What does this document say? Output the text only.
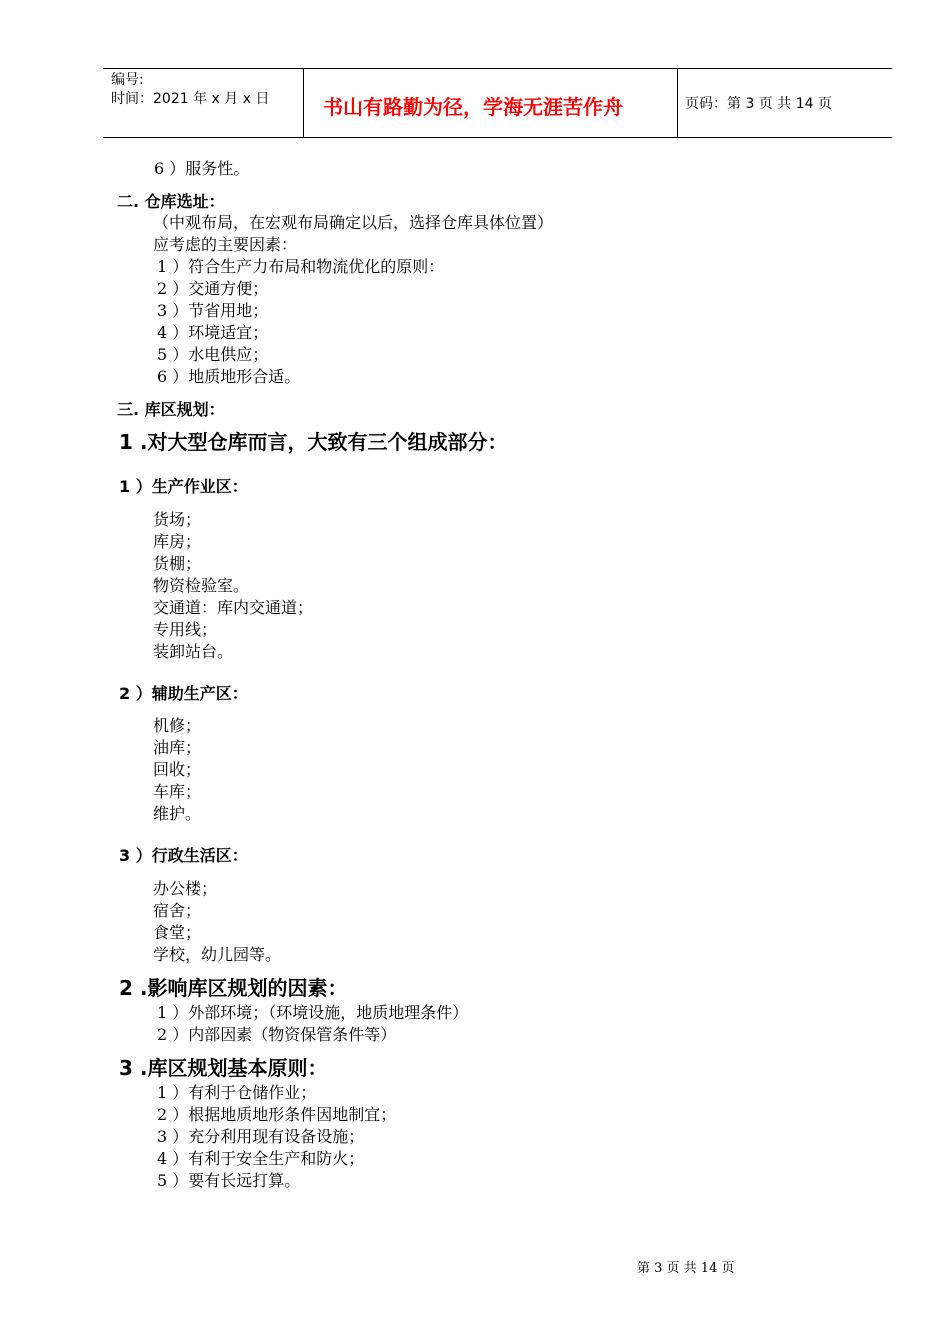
编号:
时间：2021 年 x 月 x 日	书山有路勤为径，学海无涯苦作舟	页码：第 3 页 共 14 页
6 ）服务性。
二. 仓库选址：
（中观布局，在宏观布局确定以后，选择仓库具体位置）
应考虑的主要因素：
1 ）符合生产力布局和物流优化的原则：
2 ）交通方便；
3 ）节省用地；
4 ）环境适宜；
5 ）水电供应；
6 ）地质地形合适。
三. 库区规划：
1 .对大型仓库而言，大致有三个组成部分：
1 ）生产作业区：
货场；
库房；
货棚；
物资检验室。
交通道：库内交通道；
专用线；
装卸站台。
2 ）辅助生产区：
机修；
油库；
回收；
车库；
维护。
3 ）行政生活区：
办公楼；
宿舍；
食堂；
学校，幼儿园等。
2 .影响库区规划的因素：
1 ）外部环境；（环境设施，地质地理条件）
2 ）内部因素（物资保管条件等）
3 .库区规划基本原则：
1 ）有利于仓储作业；
2 ）根据地质地形条件因地制宜；
3 ）充分利用现有设备设施；
4 ）有利于安全生产和防火；
5 ）要有长远打算。
第 3 页 共 14 页
